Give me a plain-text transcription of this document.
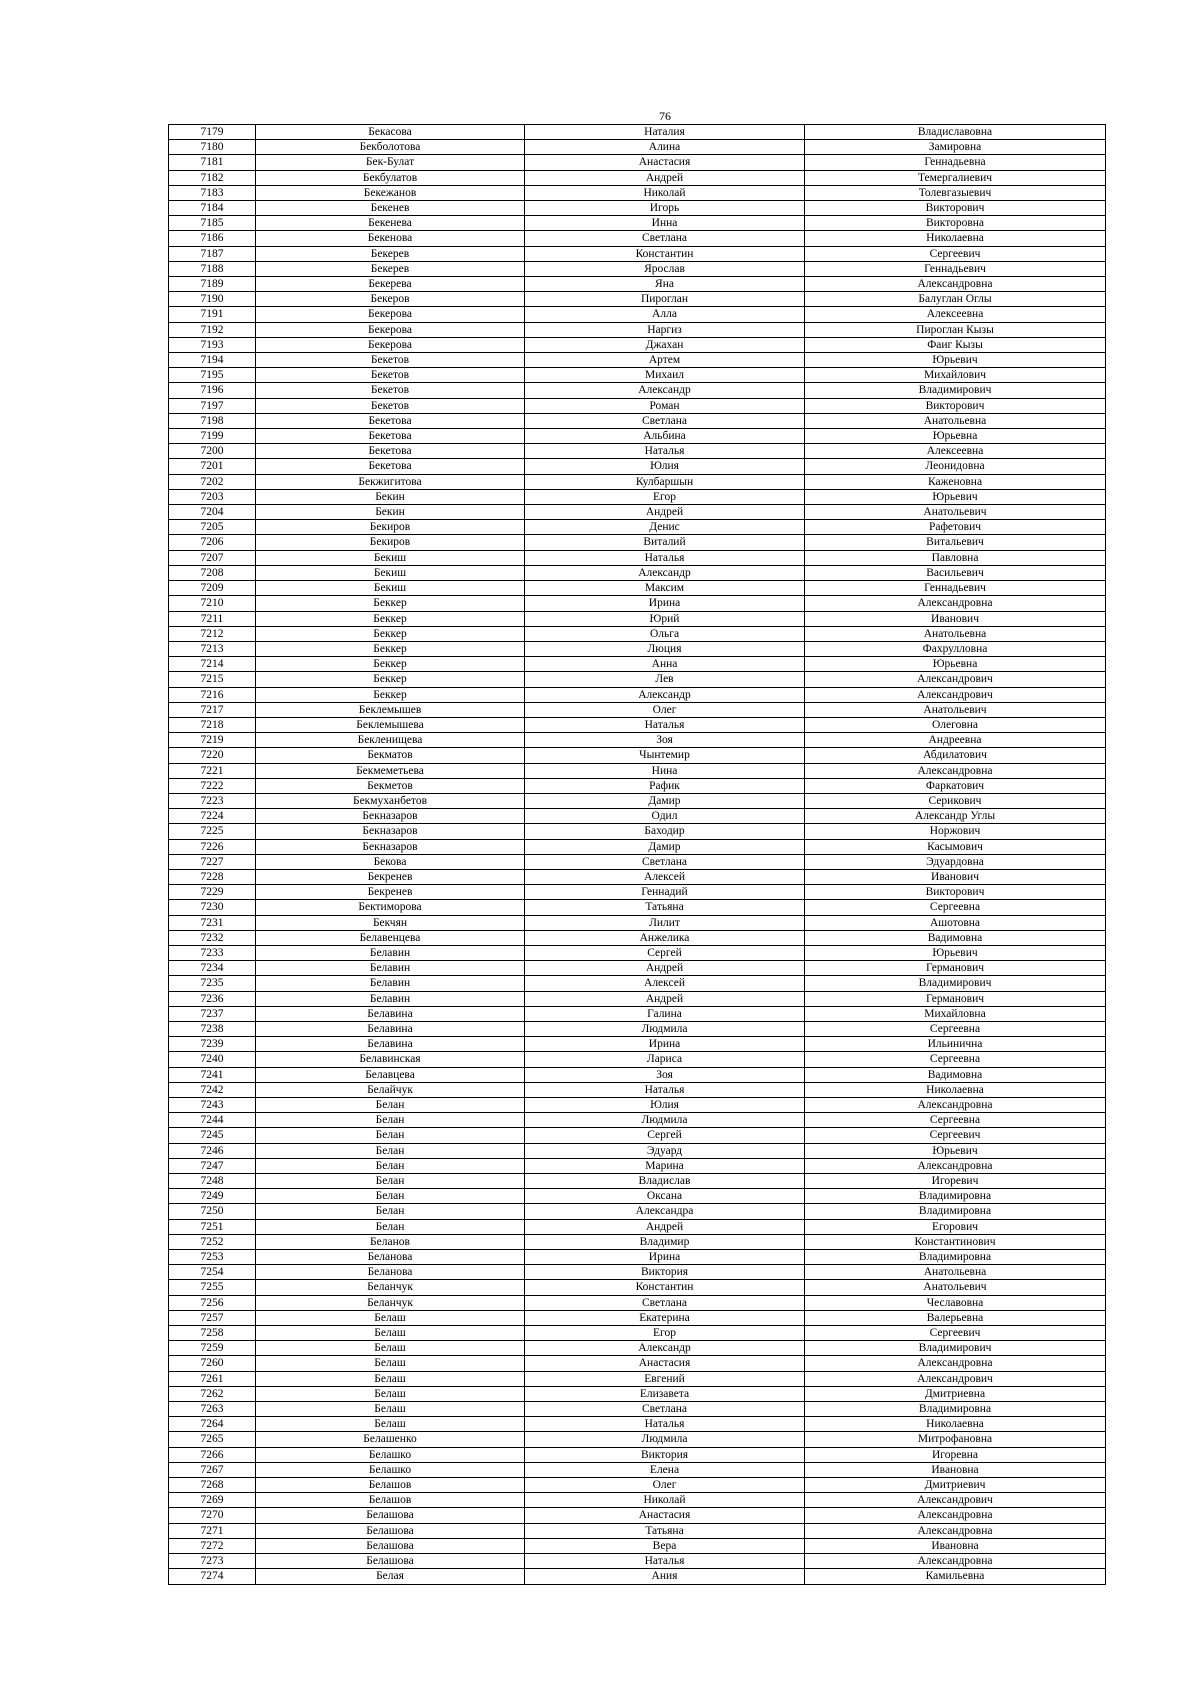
76
7179	Бекасова	Наталия	Владиславовна
7180	Бекболотова	Алина	Замировна
7181	Бек-Булат	Анастасия	Геннадьевна
7182	Бекбулатов	Андрей	Темергалиевич
7183	Бекежанов	Николай	Толевгазыевич
7184	Бекенев	Игорь	Викторович
7185	Бекенева	Инна	Викторовна
7186	Бекенова	Светлана	Николаевна
7187	Бекерев	Константин	Сергеевич
7188	Бекерев	Ярослав	Геннадьевич
7189	Бекерева	Яна	Александровна
7190	Бекеров	Пироглан	Балуглан Оглы
7191	Бекерова	Алла	Алексеевна
7192	Бекерова	Наргиз	Пироглан Кызы
7193	Бекерова	Джахан	Фаиг Кызы
7194	Бекетов	Артем	Юрьевич
7195	Бекетов	Михаил	Михайлович
7196	Бекетов	Александр	Владимирович
7197	Бекетов	Роман	Викторович
7198	Бекетова	Светлана	Анатольевна
7199	Бекетова	Альбина	Юрьевна
7200	Бекетова	Наталья	Алексеевна
7201	Бекетова	Юлия	Леонидовна
7202	Бекжигитова	Кулбаршын	Каженовна
7203	Бекин	Егор	Юрьевич
7204	Бекин	Андрей	Анатольевич
7205	Бекиров	Денис	Рафетович
7206	Бекиров	Виталий	Витальевич
7207	Бекиш	Наталья	Павловна
7208	Бекиш	Александр	Васильевич
7209	Бекиш	Максим	Геннадьевич
7210	Беккер	Ирина	Александровна
7211	Беккер	Юрий	Иванович
7212	Беккер	Ольга	Анатольевна
7213	Беккер	Люция	Фахрулловна
7214	Беккер	Анна	Юрьевна
7215	Беккер	Лев	Александрович
7216	Беккер	Александр	Александрович
7217	Беклемышев	Олег	Анатольевич
7218	Беклемышева	Наталья	Олеговна
7219	Бекленищева	Зоя	Андреевна
7220	Бекматов	Чынтемир	Абдилатович
7221	Бекмеметьева	Нина	Александровна
7222	Бекметов	Рафик	Фаркатович
7223	Бекмуханбетов	Дамир	Серикович
7224	Бекназаров	Одил	Александр Углы
7225	Бекназаров	Баходир	Норжович
7226	Бекназаров	Дамир	Касымович
7227	Бекова	Светлана	Эдуардовна
7228	Бекренев	Алексей	Иванович
7229	Бекренев	Геннадий	Викторович
7230	Бектиморова	Татьяна	Сергеевна
7231	Бекчян	Лилит	Ашотовна
7232	Белавенцева	Анжелика	Вадимовна
7233	Белавин	Сергей	Юрьевич
7234	Белавин	Андрей	Германович
7235	Белавин	Алексей	Владимирович
7236	Белавин	Андрей	Германович
7237	Белавина	Галина	Михайловна
7238	Белавина	Людмила	Сергеевна
7239	Белавина	Ирина	Ильинична
7240	Белавинская	Лариса	Сергеевна
7241	Белавцева	Зоя	Вадимовна
7242	Белайчук	Наталья	Николаевна
7243	Белан	Юлия	Александровна
7244	Белан	Людмила	Сергеевна
7245	Белан	Сергей	Сергеевич
7246	Белан	Эдуард	Юрьевич
7247	Белан	Марина	Александровна
7248	Белан	Владислав	Игоревич
7249	Белан	Оксана	Владимировна
7250	Белан	Александра	Владимировна
7251	Белан	Андрей	Егорович
7252	Беланов	Владимир	Константинович
7253	Беланова	Ирина	Владимировна
7254	Беланова	Виктория	Анатольевна
7255	Беланчук	Константин	Анатольевич
7256	Беланчук	Светлана	Чеславовна
7257	Белаш	Екатерина	Валерьевна
7258	Белаш	Егор	Сергеевич
7259	Белаш	Александр	Владимирович
7260	Белаш	Анастасия	Александровна
7261	Белаш	Евгений	Александрович
7262	Белаш	Елизавета	Дмитриевна
7263	Белаш	Светлана	Владимировна
7264	Белаш	Наталья	Николаевна
7265	Белашенко	Людмила	Митрофановна
7266	Белашко	Виктория	Игоревна
7267	Белашко	Елена	Ивановна
7268	Белашов	Олег	Дмитриевич
7269	Белашов	Николай	Александрович
7270	Белашова	Анастасия	Александровна
7271	Белашова	Татьяна	Александровна
7272	Белашова	Вера	Ивановна
7273	Белашова	Наталья	Александровна
7274	Белая	Ания	Камильевна
